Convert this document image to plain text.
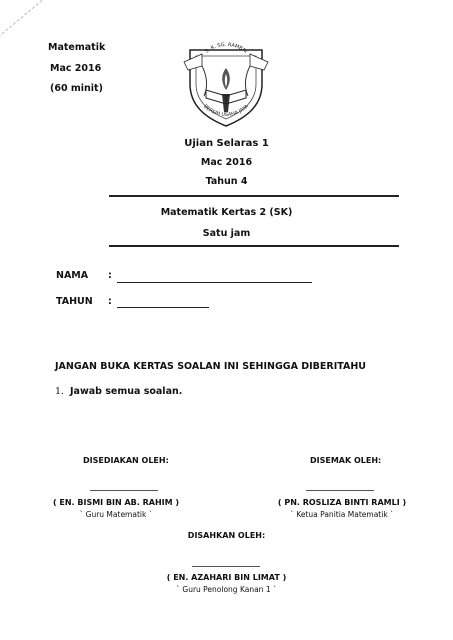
Matematik
Mac 2016
(60 minit)
S. K. SG. RAMBAI
BERSIH USAHA JAYA
Ujian Selaras 1
Mac 2016
Tahun 4
Matematik Kertas 2 (SK)
Satu jam
NAMA :
TAHUN :
JANGAN BUKA KERTAS SOALAN INI SEHINGGA DIBERITAHU
1. Jawab semua soalan.
DISEDIAKAN OLEH:	DISEMAK OLEH:
( EN. BISMI BIN AB. RAHIM )	( PN. ROSLIZA BINTI RAMLI )
` Guru Matematik `	` Ketua Panitia Matematik `
DISAHKAN OLEH:
( EN. AZAHARI BIN LIMAT )
` Guru Penolong Kanan 1 `
